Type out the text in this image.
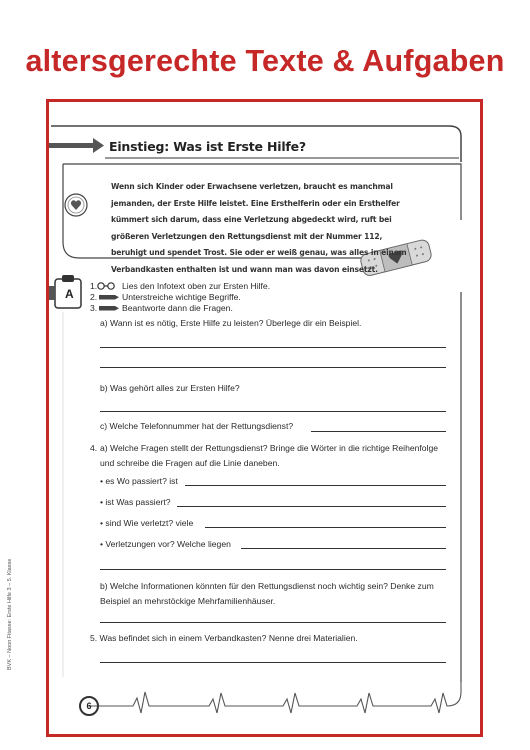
altersgerechte Texte & Aufgaben
Einstieg: Was ist Erste Hilfe?
Wenn sich Kinder oder Erwachsene verletzen, braucht es manchmal jemanden, der Erste Hilfe leistet. Eine Ersthelferin oder ein Ersthelfer kümmert sich darum, dass eine Verletzung abgedeckt wird, ruft bei größeren Verletzungen den Rettungsdienst mit der Nummer 112, beruhigt und spendet Trost. Sie oder er weiß genau, was alles in einem Verbandkasten enthalten ist und wann man was davon einsetzt.
A
1.	Lies den Infotext oben zur Ersten Hilfe.
2.	Unterstreiche wichtige Begriffe.
3.	Beantworte dann die Fragen.
a) Wann ist es nötig, Erste Hilfe zu leisten? Überlege dir ein Beispiel.
b) Was gehört alles zur Ersten Hilfe?
c) Welche Telefonnummer hat der Rettungsdienst?
4. a) Welche Fragen stellt der Rettungsdienst? Bringe die Wörter in die richtige Reihenfolge und schreibe die Fragen auf die Linie daneben.
• es Wo passiert? ist
• ist Was passiert?
• sind Wie verletzt? viele
• Verletzungen vor? Welche liegen
b) Welche Informationen könnten für den Rettungsdienst noch wichtig sein? Denke zum Beispiel an mehrstöckige Mehrfamilienhäuser.
5. Was befindet sich in einem Verbandkasten? Nenne drei Materialien.
BVK – Noon Fitasse: Erste Hilfe 3 – 5. Klasse
6
